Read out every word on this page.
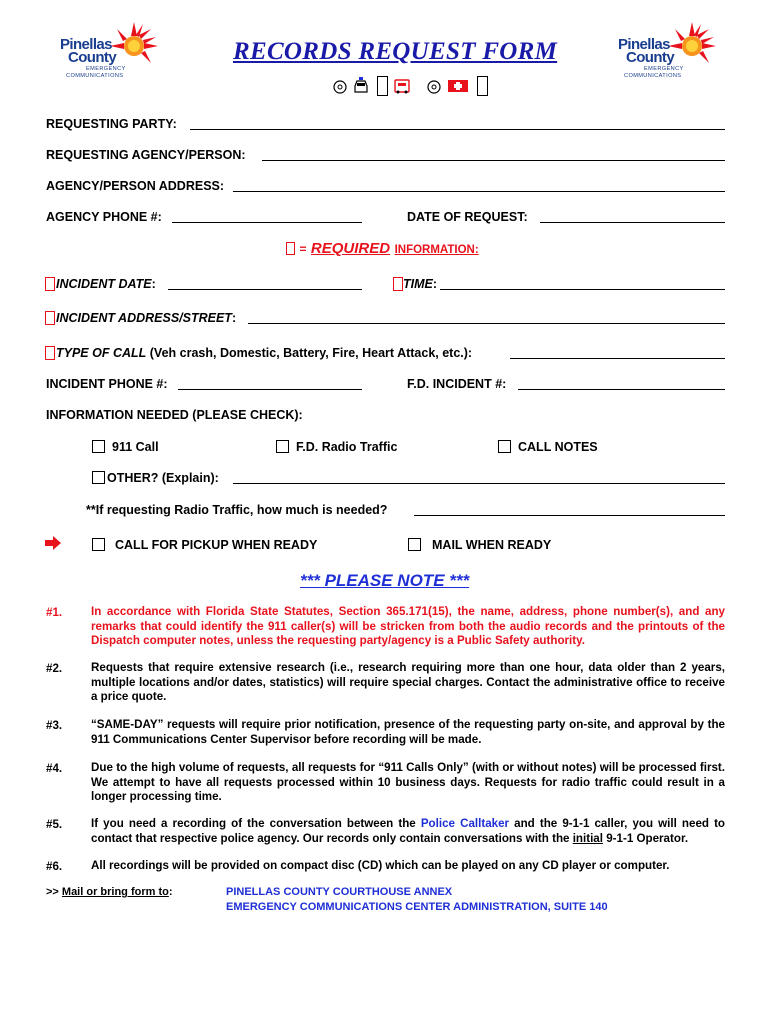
Pinellas
County
EMERGENCY
COMMUNICATIONS
Pinellas
County
EMERGENCY
COMMUNICATIONS
RECORDS REQUEST FORM
REQUESTING PARTY:
REQUESTING AGENCY/PERSON:
AGENCY/PERSON ADDRESS:
AGENCY PHONE #:	DATE OF REQUEST:
= REQUIRED INFORMATION:
INCIDENT DATE:	TIME:
INCIDENT ADDRESS/STREET:
TYPE OF CALL (Veh crash, Domestic, Battery, Fire, Heart Attack, etc.):
INCIDENT PHONE #:	F.D. INCIDENT #:
INFORMATION NEEDED (PLEASE CHECK):
911 Call	F.D. Radio Traffic	CALL NOTES
OTHER? (Explain):
**If requesting Radio Traffic, how much is needed?
CALL FOR PICKUP WHEN READY	MAIL WHEN READY
*** PLEASE NOTE ***
#1. In accordance with Florida State Statutes, Section 365.171(15), the name, address, phone number(s), and any remarks that could identify the 911 caller(s) will be stricken from both the audio records and the printouts of the Dispatch computer notes, unless the requesting party/agency is a Public Safety authority.
#2. Requests that require extensive research (i.e., research requiring more than one hour, data older than 2 years, multiple locations and/or dates, statistics) will require special charges. Contact the administrative office to receive a price quote.
#3. “SAME-DAY” requests will require prior notification, presence of the requesting party on-site, and approval by the 911 Communications Center Supervisor before recording will be made.
#4. Due to the high volume of requests, all requests for “911 Calls Only” (with or without notes) will be processed first. We attempt to have all requests processed within 10 business days. Requests for radio traffic could result in a longer processing time.
#5. If you need a recording of the conversation between the Police Calltaker and the 9-1-1 caller, you will need to contact that respective police agency. Our records only contain conversations with the initial 9-1-1 Operator.
#6. All recordings will be provided on compact disc (CD) which can be played on any CD player or computer.
>> Mail or bring form to:	PINELLAS COUNTY COURTHOUSE ANNEX
EMERGENCY COMMUNICATIONS CENTER ADMINISTRATION, SUITE 140
